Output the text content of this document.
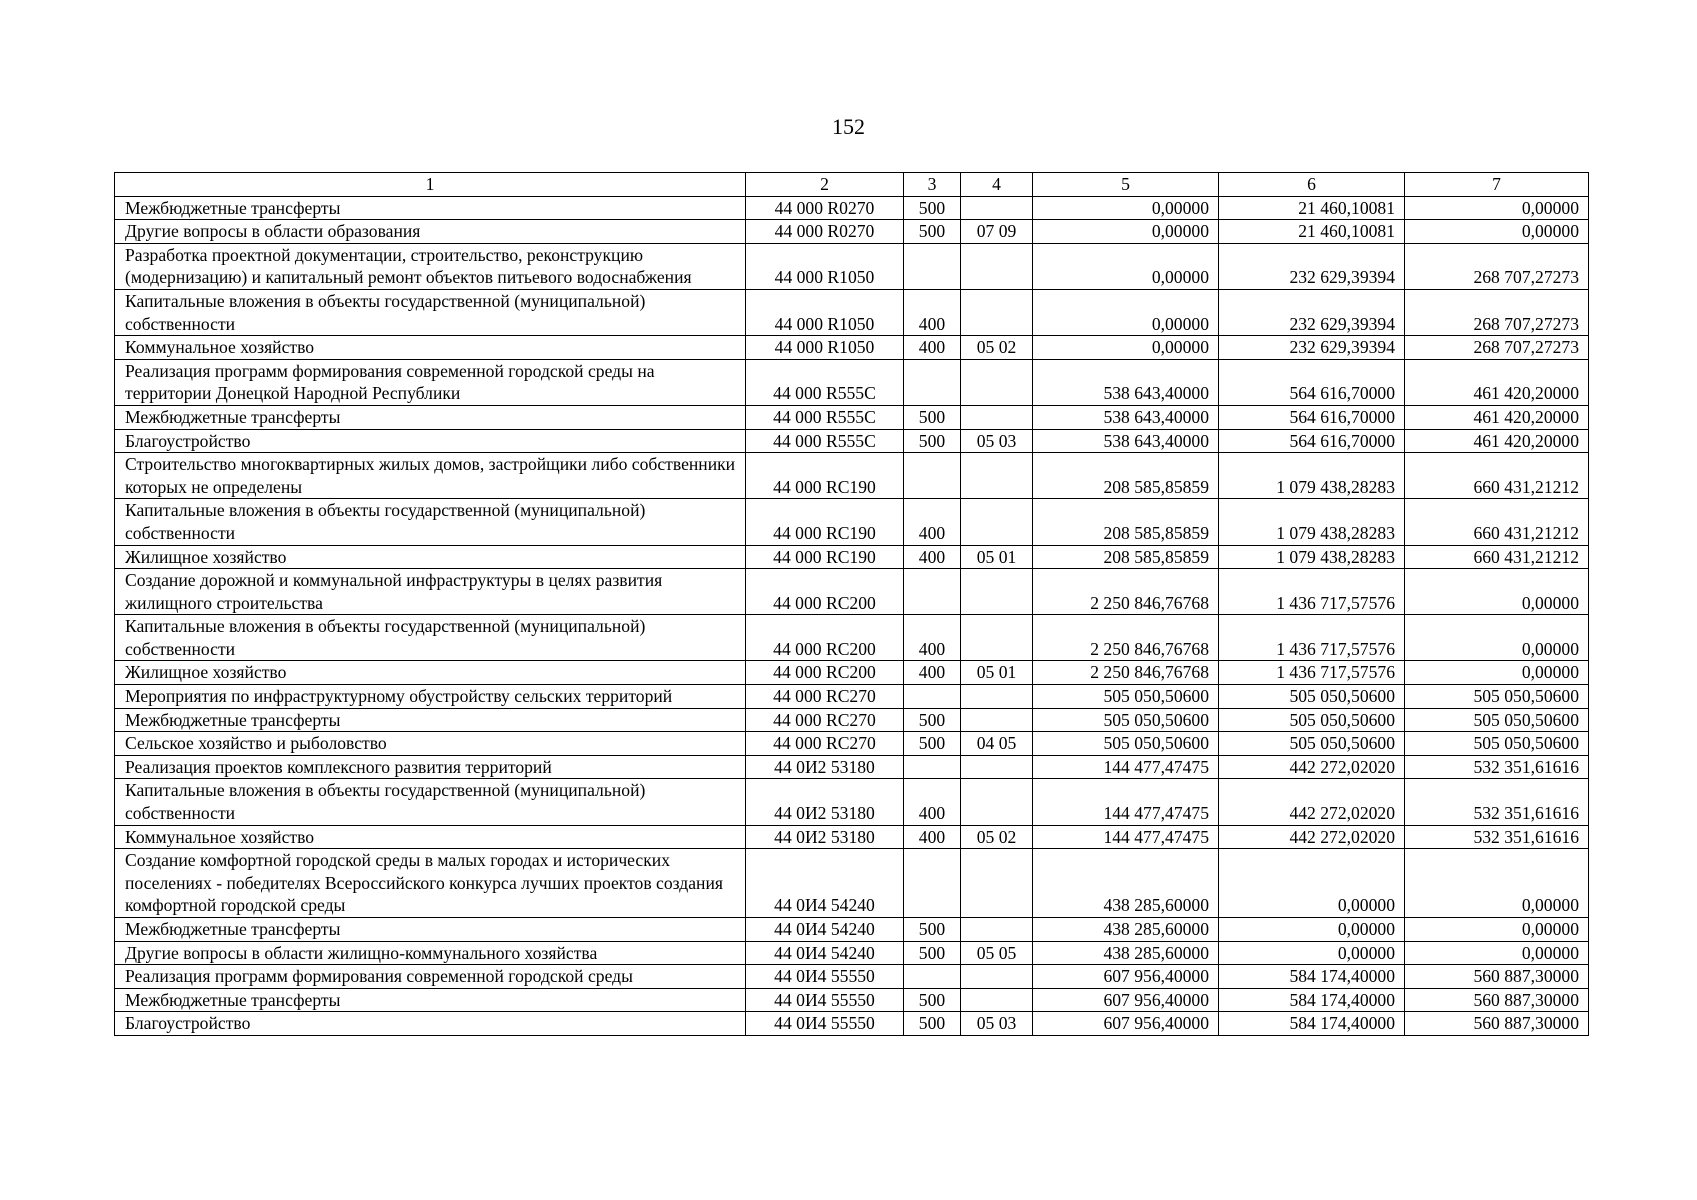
152
1	2	3	4	5	6	7
Межбюджетные трансферты	44 000 R0270	500		0,00000	21 460,10081	0,00000
Другие вопросы в области образования	44 000 R0270	500	07 09	0,00000	21 460,10081	0,00000
Разработка проектной документации, строительство, реконструкцию (модернизацию) и капитальный ремонт объектов питьевого водоснабжения	44 000 R1050			0,00000	232 629,39394	268 707,27273
Капитальные вложения в объекты государственной (муниципальной) собственности	44 000 R1050	400		0,00000	232 629,39394	268 707,27273
Коммунальное хозяйство	44 000 R1050	400	05 02	0,00000	232 629,39394	268 707,27273
Реализация программ формирования современной городской среды на территории Донецкой Народной Республики	44 000 R555C			538 643,40000	564 616,70000	461 420,20000
Межбюджетные трансферты	44 000 R555C	500		538 643,40000	564 616,70000	461 420,20000
Благоустройство	44 000 R555C	500	05 03	538 643,40000	564 616,70000	461 420,20000
Строительство многоквартирных жилых домов, застройщики либо собственники которых не определены	44 000 RC190			208 585,85859	1 079 438,28283	660 431,21212
Капитальные вложения в объекты государственной (муниципальной) собственности	44 000 RC190	400		208 585,85859	1 079 438,28283	660 431,21212
Жилищное хозяйство	44 000 RC190	400	05 01	208 585,85859	1 079 438,28283	660 431,21212
Создание дорожной и коммунальной инфраструктуры в целях развития жилищного строительства	44 000 RC200			2 250 846,76768	1 436 717,57576	0,00000
Капитальные вложения в объекты государственной (муниципальной) собственности	44 000 RC200	400		2 250 846,76768	1 436 717,57576	0,00000
Жилищное хозяйство	44 000 RC200	400	05 01	2 250 846,76768	1 436 717,57576	0,00000
Мероприятия по инфраструктурному обустройству сельских территорий	44 000 RC270			505 050,50600	505 050,50600	505 050,50600
Межбюджетные трансферты	44 000 RC270	500		505 050,50600	505 050,50600	505 050,50600
Сельское хозяйство и рыболовство	44 000 RC270	500	04 05	505 050,50600	505 050,50600	505 050,50600
Реализация проектов комплексного развития территорий	44 0И2 53180			144 477,47475	442 272,02020	532 351,61616
Капитальные вложения в объекты государственной (муниципальной) собственности	44 0И2 53180	400		144 477,47475	442 272,02020	532 351,61616
Коммунальное хозяйство	44 0И2 53180	400	05 02	144 477,47475	442 272,02020	532 351,61616
Создание комфортной городской среды в малых городах и исторических поселениях - победителях Всероссийского конкурса лучших проектов создания комфортной городской среды	44 0И4 54240			438 285,60000	0,00000	0,00000
Межбюджетные трансферты	44 0И4 54240	500		438 285,60000	0,00000	0,00000
Другие вопросы в области жилищно-коммунального хозяйства	44 0И4 54240	500	05 05	438 285,60000	0,00000	0,00000
Реализация программ формирования современной городской среды	44 0И4 55550			607 956,40000	584 174,40000	560 887,30000
Межбюджетные трансферты	44 0И4 55550	500		607 956,40000	584 174,40000	560 887,30000
Благоустройство	44 0И4 55550	500	05 03	607 956,40000	584 174,40000	560 887,30000
